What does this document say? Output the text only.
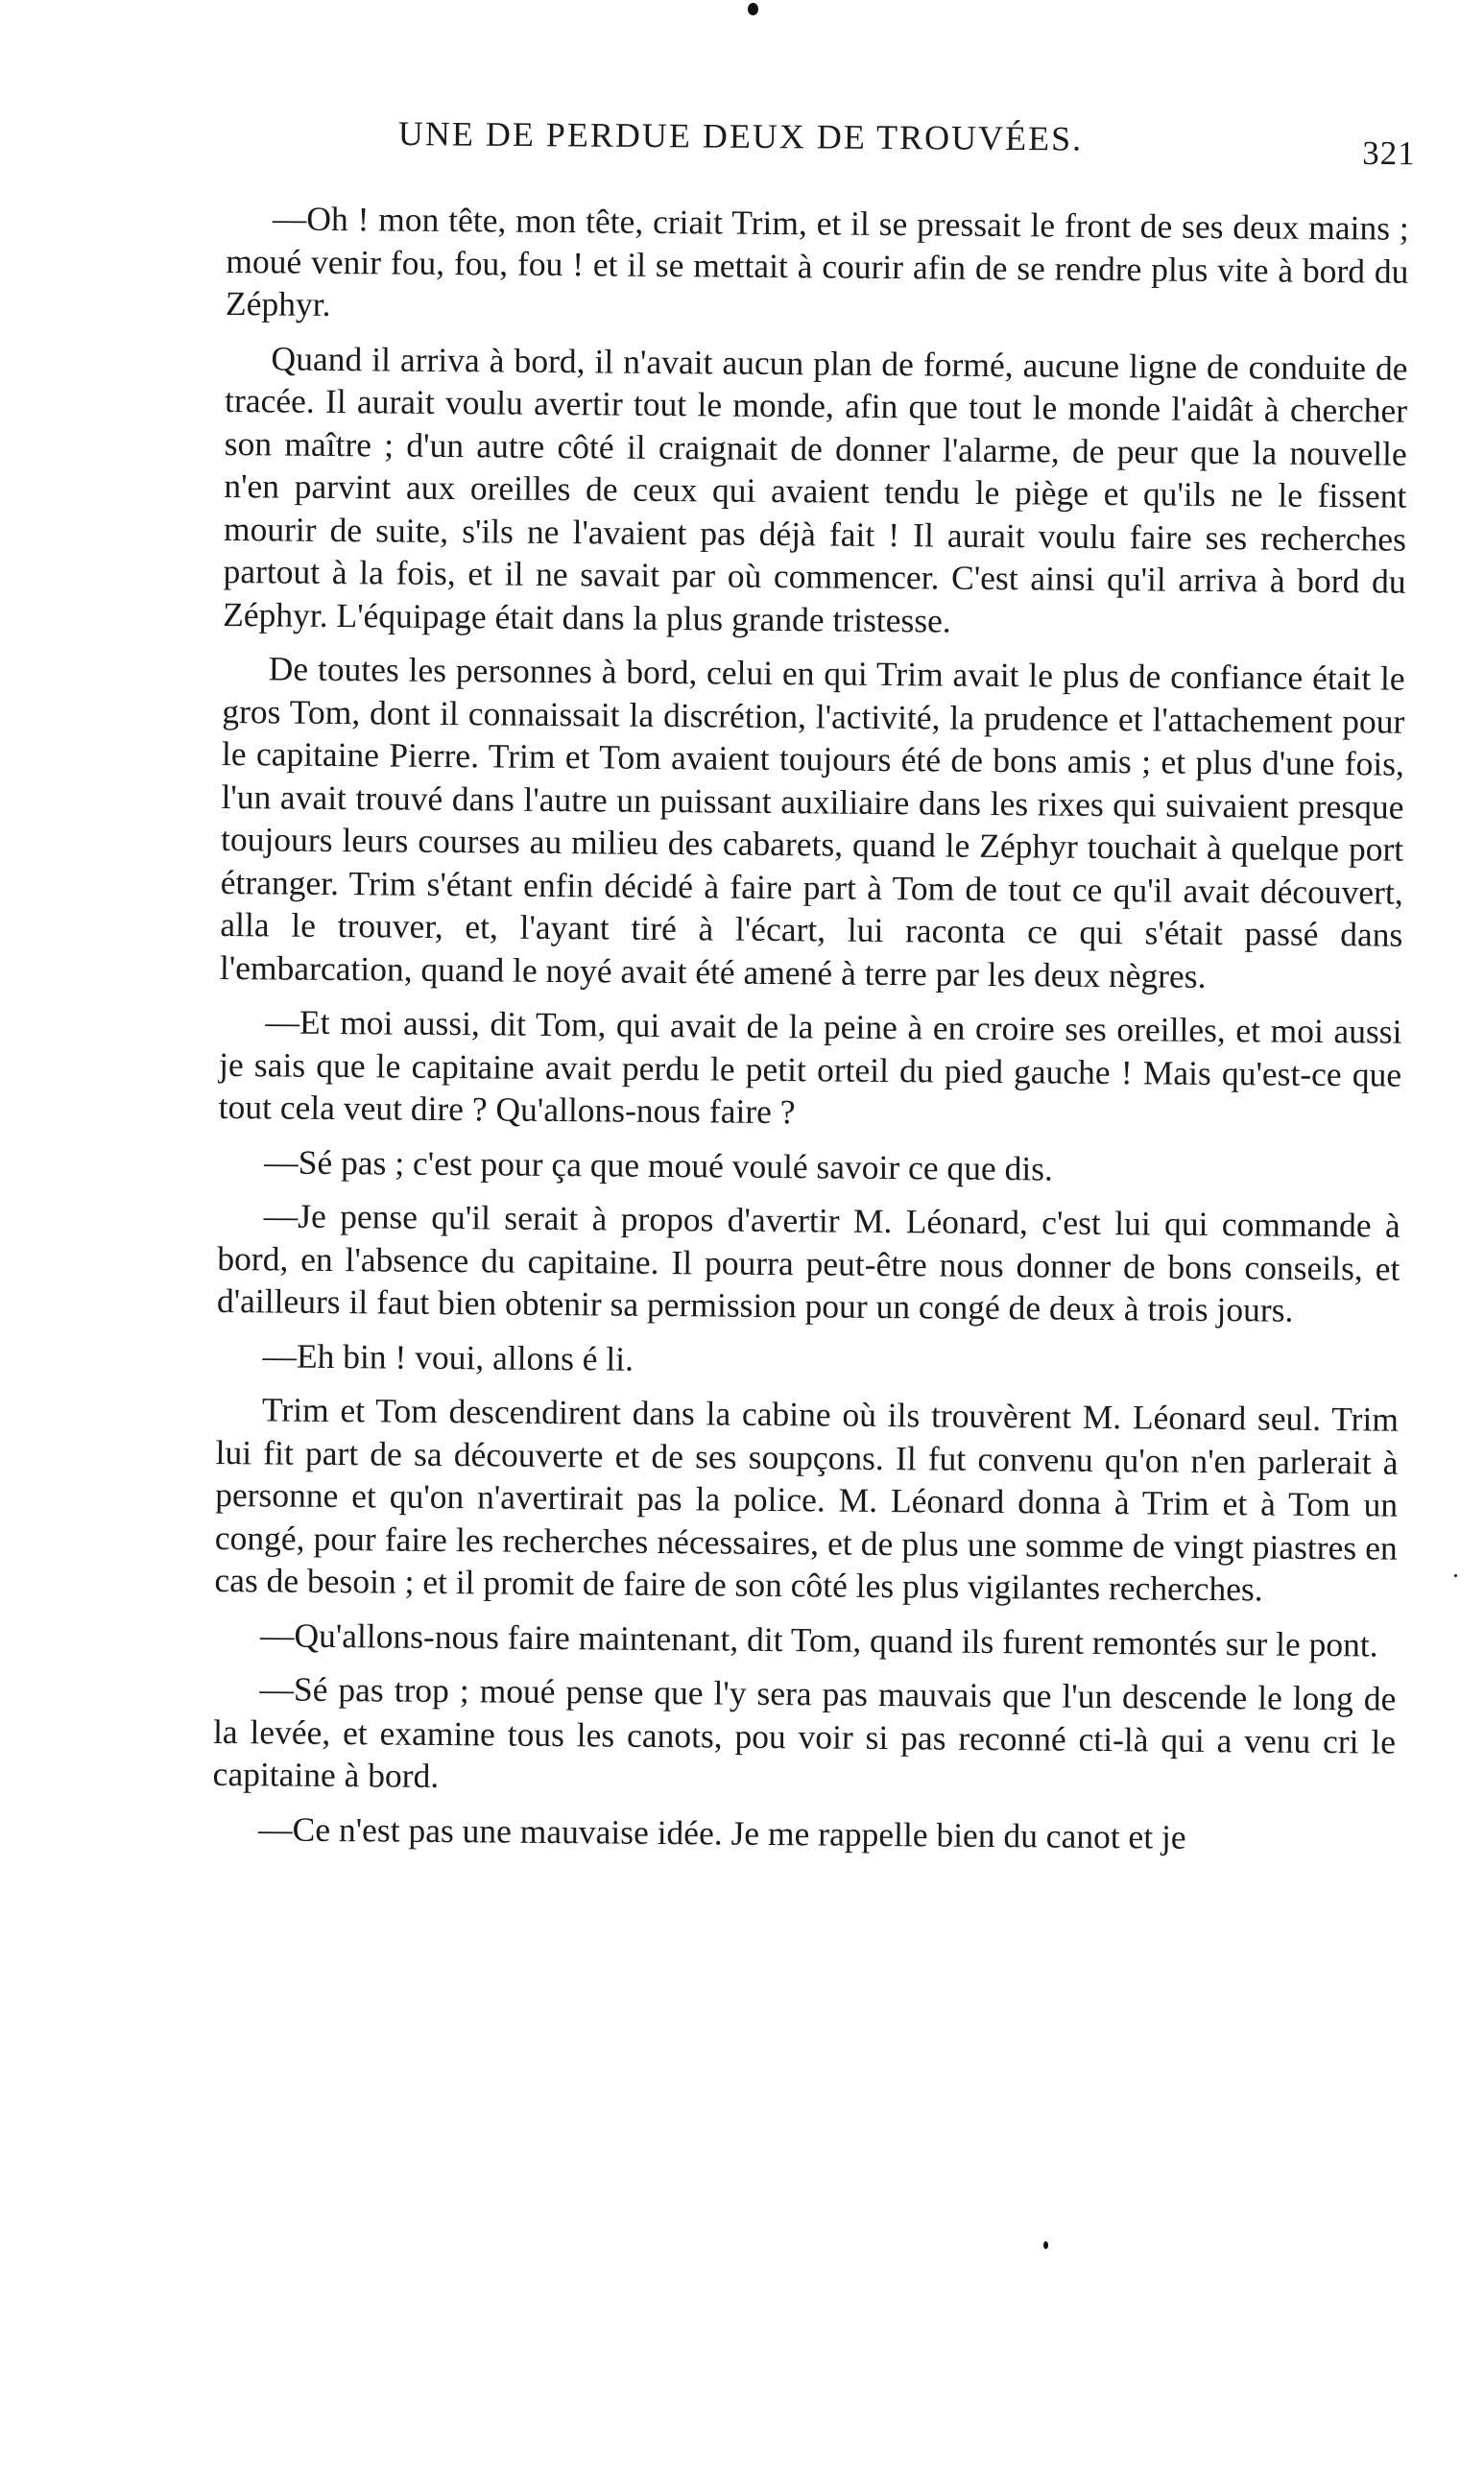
UNE DE PERDUE DEUX DE TROUVÉES.	321

—Oh ! mon tête, mon tête, criait Trim, et il se pressait le front de ses deux mains ; moué venir fou, fou, fou ! et il se mettait à courir afin de se rendre plus vite à bord du Zéphyr.

Quand il arriva à bord, il n'avait aucun plan de formé, aucune ligne de conduite de tracée. Il aurait voulu avertir tout le monde, afin que tout le monde l'aidât à chercher son maître ; d'un autre côté il craignait de donner l'alarme, de peur que la nouvelle n'en parvint aux oreilles de ceux qui avaient tendu le piège et qu'ils ne le fissent mourir de suite, s'ils ne l'avaient pas déjà fait ! Il aurait voulu faire ses recherches partout à la fois, et il ne savait par où commencer. C'est ainsi qu'il arriva à bord du Zéphyr. L'équipage était dans la plus grande tristesse.

De toutes les personnes à bord, celui en qui Trim avait le plus de confiance était le gros Tom, dont il connaissait la discrétion, l'activité, la prudence et l'attachement pour le capitaine Pierre. Trim et Tom avaient toujours été de bons amis ; et plus d'une fois, l'un avait trouvé dans l'autre un puissant auxiliaire dans les rixes qui suivaient presque toujours leurs courses au milieu des cabarets, quand le Zéphyr touchait à quelque port étranger. Trim s'étant enfin décidé à faire part à Tom de tout ce qu'il avait découvert, alla le trouver, et, l'ayant tiré à l'écart, lui raconta ce qui s'était passé dans l'embarcation, quand le noyé avait été amené à terre par les deux nègres.

—Et moi aussi, dit Tom, qui avait de la peine à en croire ses oreilles, et moi aussi je sais que le capitaine avait perdu le petit orteil du pied gauche ! Mais qu'est-ce que tout cela veut dire ? Qu'allons-nous faire ?

—Sé pas ; c'est pour ça que moué voulé savoir ce que dis.

—Je pense qu'il serait à propos d'avertir M. Léonard, c'est lui qui commande à bord, en l'absence du capitaine. Il pourra peut-être nous donner de bons conseils, et d'ailleurs il faut bien obtenir sa permission pour un congé de deux à trois jours.

—Eh bin ! voui, allons é li.

Trim et Tom descendirent dans la cabine où ils trouvèrent M. Léonard seul. Trim lui fit part de sa découverte et de ses soupçons. Il fut convenu qu'on n'en parlerait à personne et qu'on n'avertirait pas la police. M. Léonard donna à Trim et à Tom un congé, pour faire les recherches nécessaires, et de plus une somme de vingt piastres en cas de besoin ; et il promit de faire de son côté les plus vigilantes recherches.

—Qu'allons-nous faire maintenant, dit Tom, quand ils furent remontés sur le pont.

—Sé pas trop ; moué pense que l'y sera pas mauvais que l'un descende le long de la levée, et examine tous les canots, pou voir si pas reconné cti-là qui a venu cri le capitaine à bord.

—Ce n'est pas une mauvaise idée. Je me rappelle bien du canot et je
